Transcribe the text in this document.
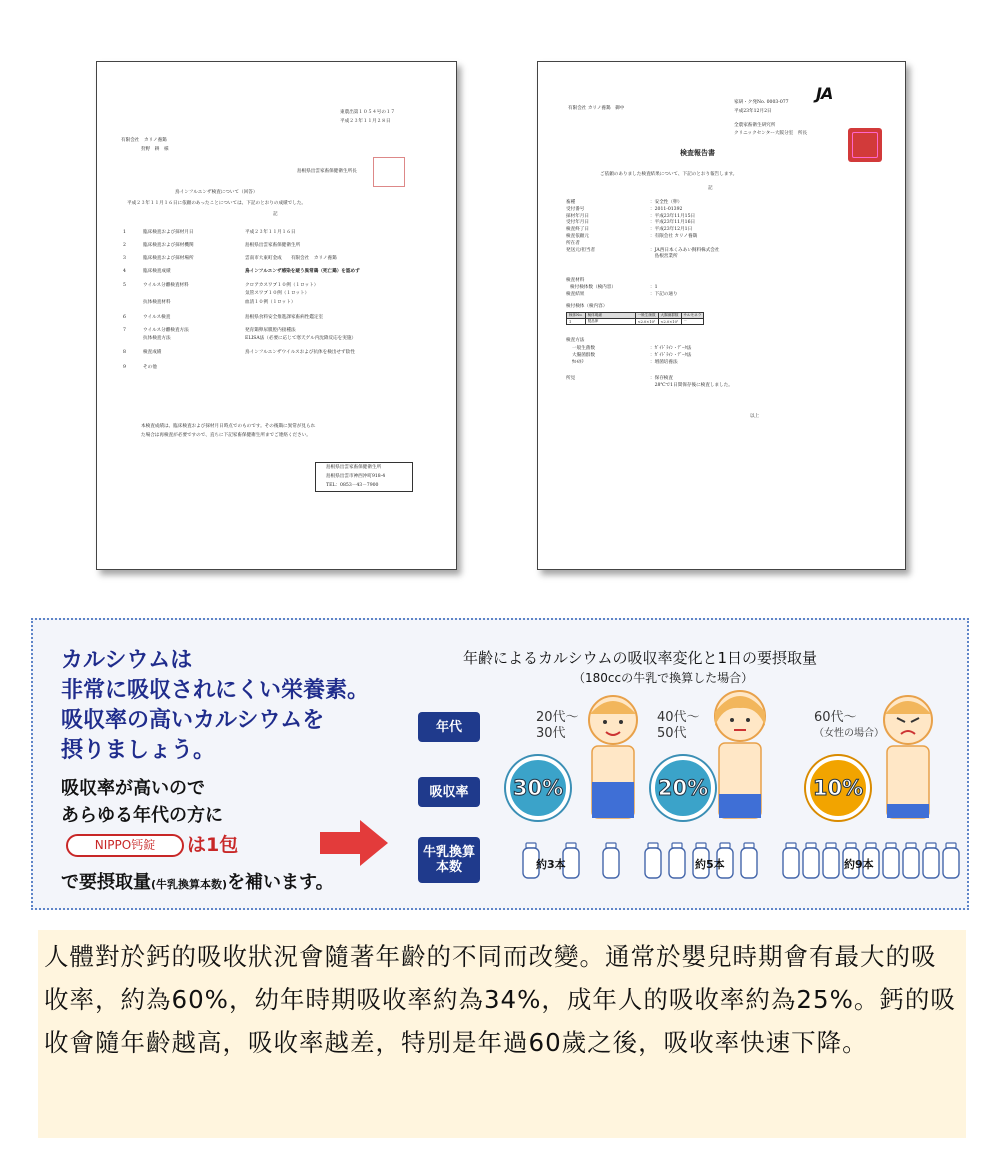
東農出第１０５４号の１７
平成２３年１１月２８日
有限会社　カリノ養鶏
狩野　耕　様
島根県出雲家畜保健衛生所長
鳥インフルエンザ検査について（回答）
平成２３年１１月１６日に依頼のあったことについては、下記のとおりの成績でした。
記
1	臨床検査および採材月日	平成２３年１１月１６日
2	臨床検査および採材機関	島根県出雲家畜保健衛生所
3	臨床検査および採材場所	雲南市大東町金成　　有限会社　カリノ養鶏
4	臨床検査成績	鳥インフルエンザ感染を疑う異常鶏（死亡鶏）を認めず
5	ウイルス分離検査材料	クロアカスワブ１０例（１ロット）
気管スワブ１０例（１ロット）
抗体検査材料	血清１０例（１ロット）
6	ウイルス検査	島根県食料安全推進課家畜病性鑑定室
7	ウイルス分離検査方法	発育鶏卵尿膜腔内接種法
抗体検査方法	ELISA法（必要に応じて寒天ゲル内沈降反応を実施）
8	検査成績	鳥インフルエンザウイルスおよび抗体を検出せず陰性
9	その他
本検査成績は、臨床検査および採材月日時点でのものです。その後鶏に異常が見られ
た場合は再検査が必要ですので、直ちに下記家畜保健衛生所までご連絡ください。
島根県出雲家畜保健衛生所
島根県出雲市神西沖町918-4
TEL：0853－43－7900
有限会社 カリノ養鶏　御中
家研・ク発No. 0003-077 JA
平成23年12月2日
全農家畜衛生研究所
クリニックセンター大阪分室　所長
検査報告書
ご依頼のありました検査結果について、下記のとおり報告します。
記
畜種	：安全性（卵）
受付番号	：2011-01392
採材年月日	：平成23年11月15日
受付年月日	：平成23年11月16日
検査終了日	：平成23年12月1日
検査依頼元	：有限会社 カリノ養鶏
所在者
発送元/担当者	：JA西日本くみあい飼料株式会社
　島根営業所
検査材料
検付検体数（検内容）	：1
検査結果	：下記の通り
検付検体（検内容）
検体No.	検体明細	一般生菌数	大腸菌群数	サルモネラ
1	製品卵	<2.0×10¹	<2.0×10¹	－
検査方法
一般生菌数	：ｶﾞｲﾄﾞﾗｲﾝ・ﾃﾞｰﾀ法
大腸菌群数	：ｶﾞｲﾄﾞﾗｲﾝ・ﾃﾞｰﾀ法
ｻﾙﾓﾈﾗ	：増菌培養法
所見	：保存検査
　28℃で1日間保存後に検査しました。
以上
カルシウムは
非常に吸収されにくい栄養素。
吸収率の高いカルシウムを
摂りましょう。
吸収率が高いので
あらゆる年代の方に
NIPPO钙錠	は1包
で要摂取量(牛乳換算本数)を補います。
年齢によるカルシウムの吸収率変化と1日の要摂取量
（180ccの牛乳で換算した場合）
年代
吸収率
牛乳換算
本数
20代～
30代
30%
約3本
40代～
50代
20%
約5本
60代～
（女性の場合）
10%
約9本

人體對於鈣的吸收狀況會隨著年齡的不同而改變。通常於嬰兒時期會有最大的吸收率，約為60%，幼年時期吸收率約為34%，成年人的吸收率約為25%。鈣的吸收會隨年齡越高，吸收率越差，特別是年過60歲之後，吸收率快速下降。
